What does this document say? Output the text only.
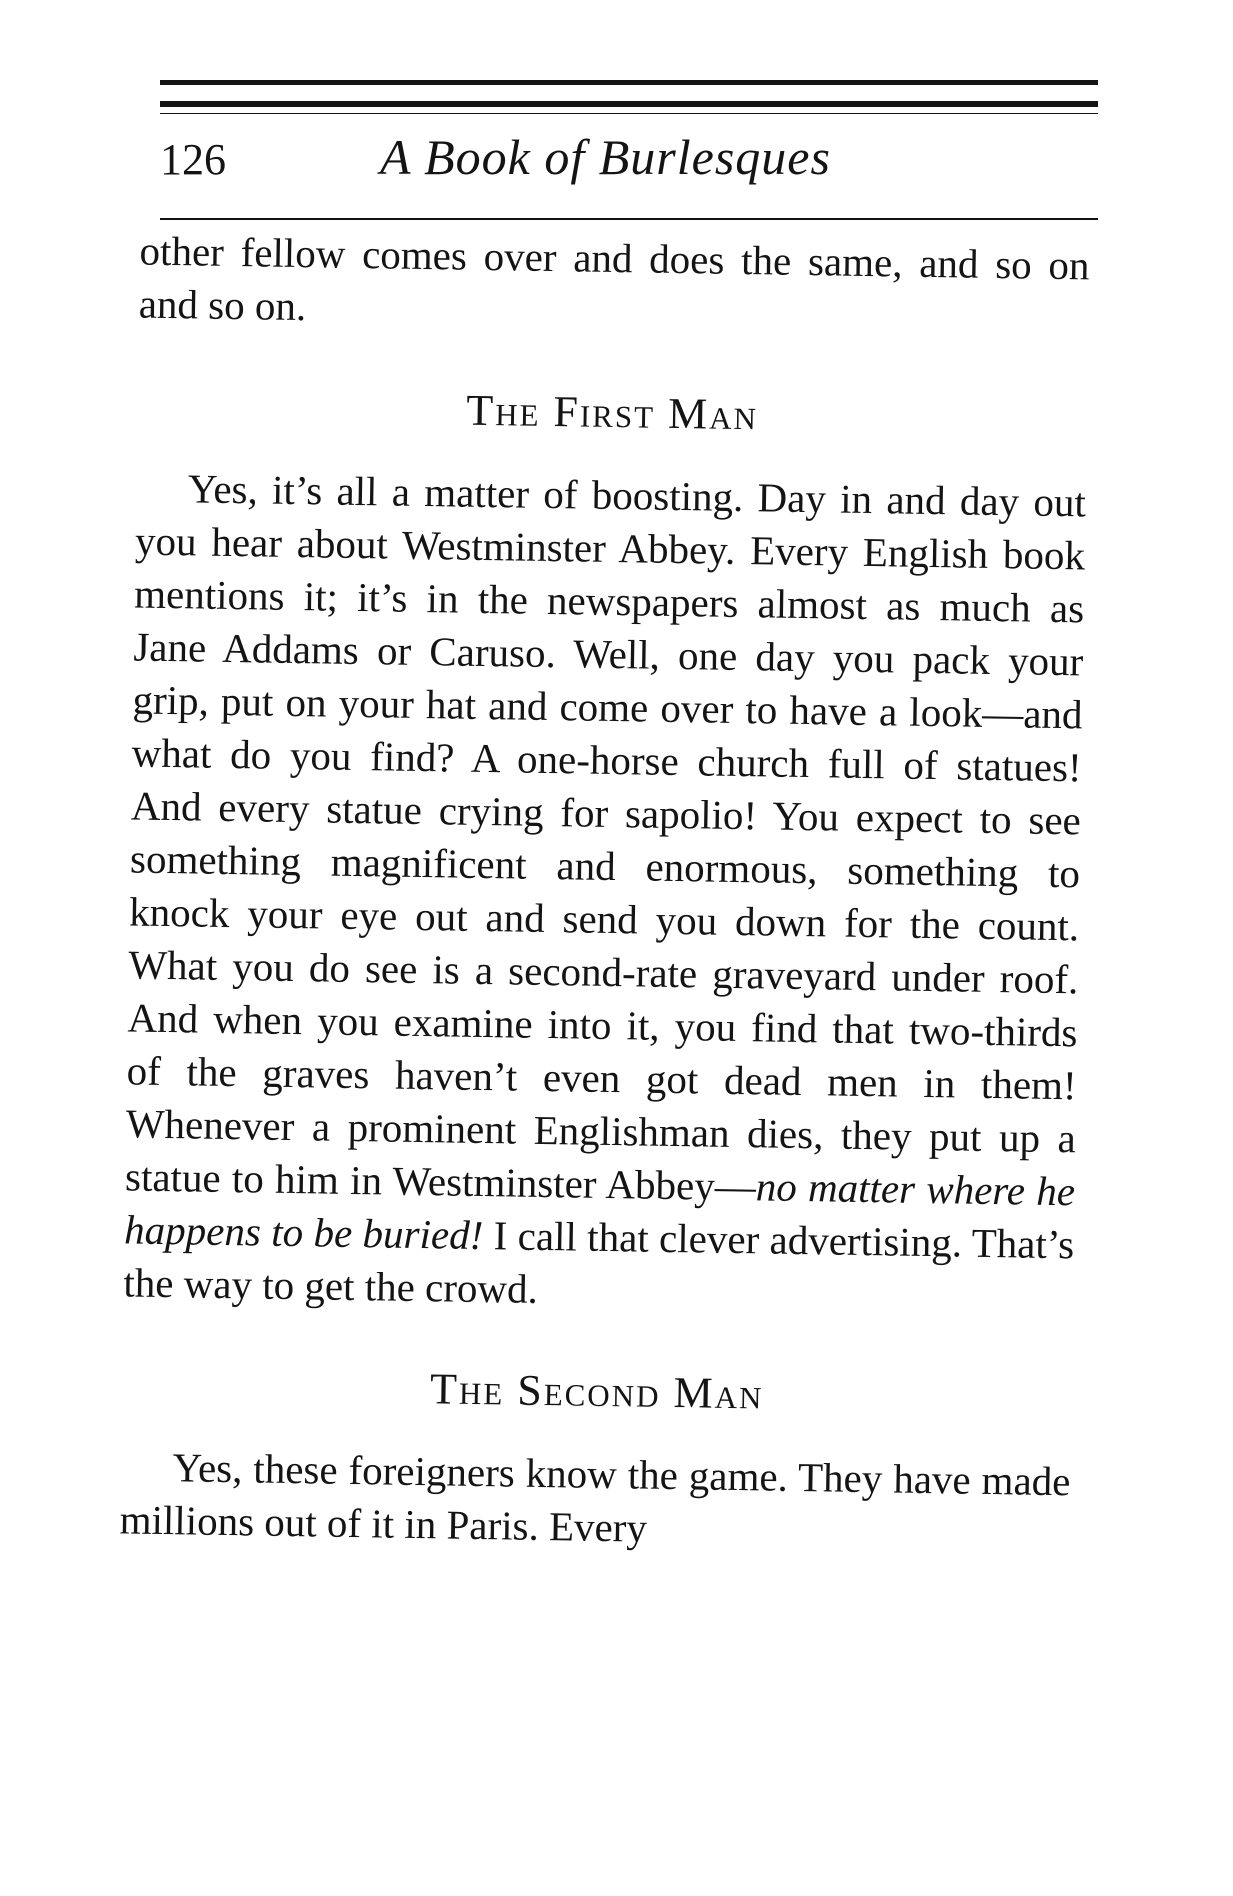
126	A Book of Burlesques

other fellow comes over and does the same, and so on and so on.

The First Man

Yes, it’s all a matter of boosting. Day in and day out you hear about Westminster Abbey. Every English book mentions it; it’s in the newspapers almost as much as Jane Addams or Caruso. Well, one day you pack your grip, put on your hat and come over to have a look—and what do you find? A one-horse church full of statues! And every statue crying for sapolio! You expect to see something magnificent and enormous, something to knock your eye out and send you down for the count. What you do see is a second-rate graveyard under roof. And when you examine into it, you find that two-thirds of the graves haven’t even got dead men in them! Whenever a prominent Englishman dies, they put up a statue to him in Westminster Abbey—no matter where he happens to be buried! I call that clever advertising. That’s the way to get the crowd.

The Second Man

Yes, these foreigners know the game. They have made millions out of it in Paris. Every
